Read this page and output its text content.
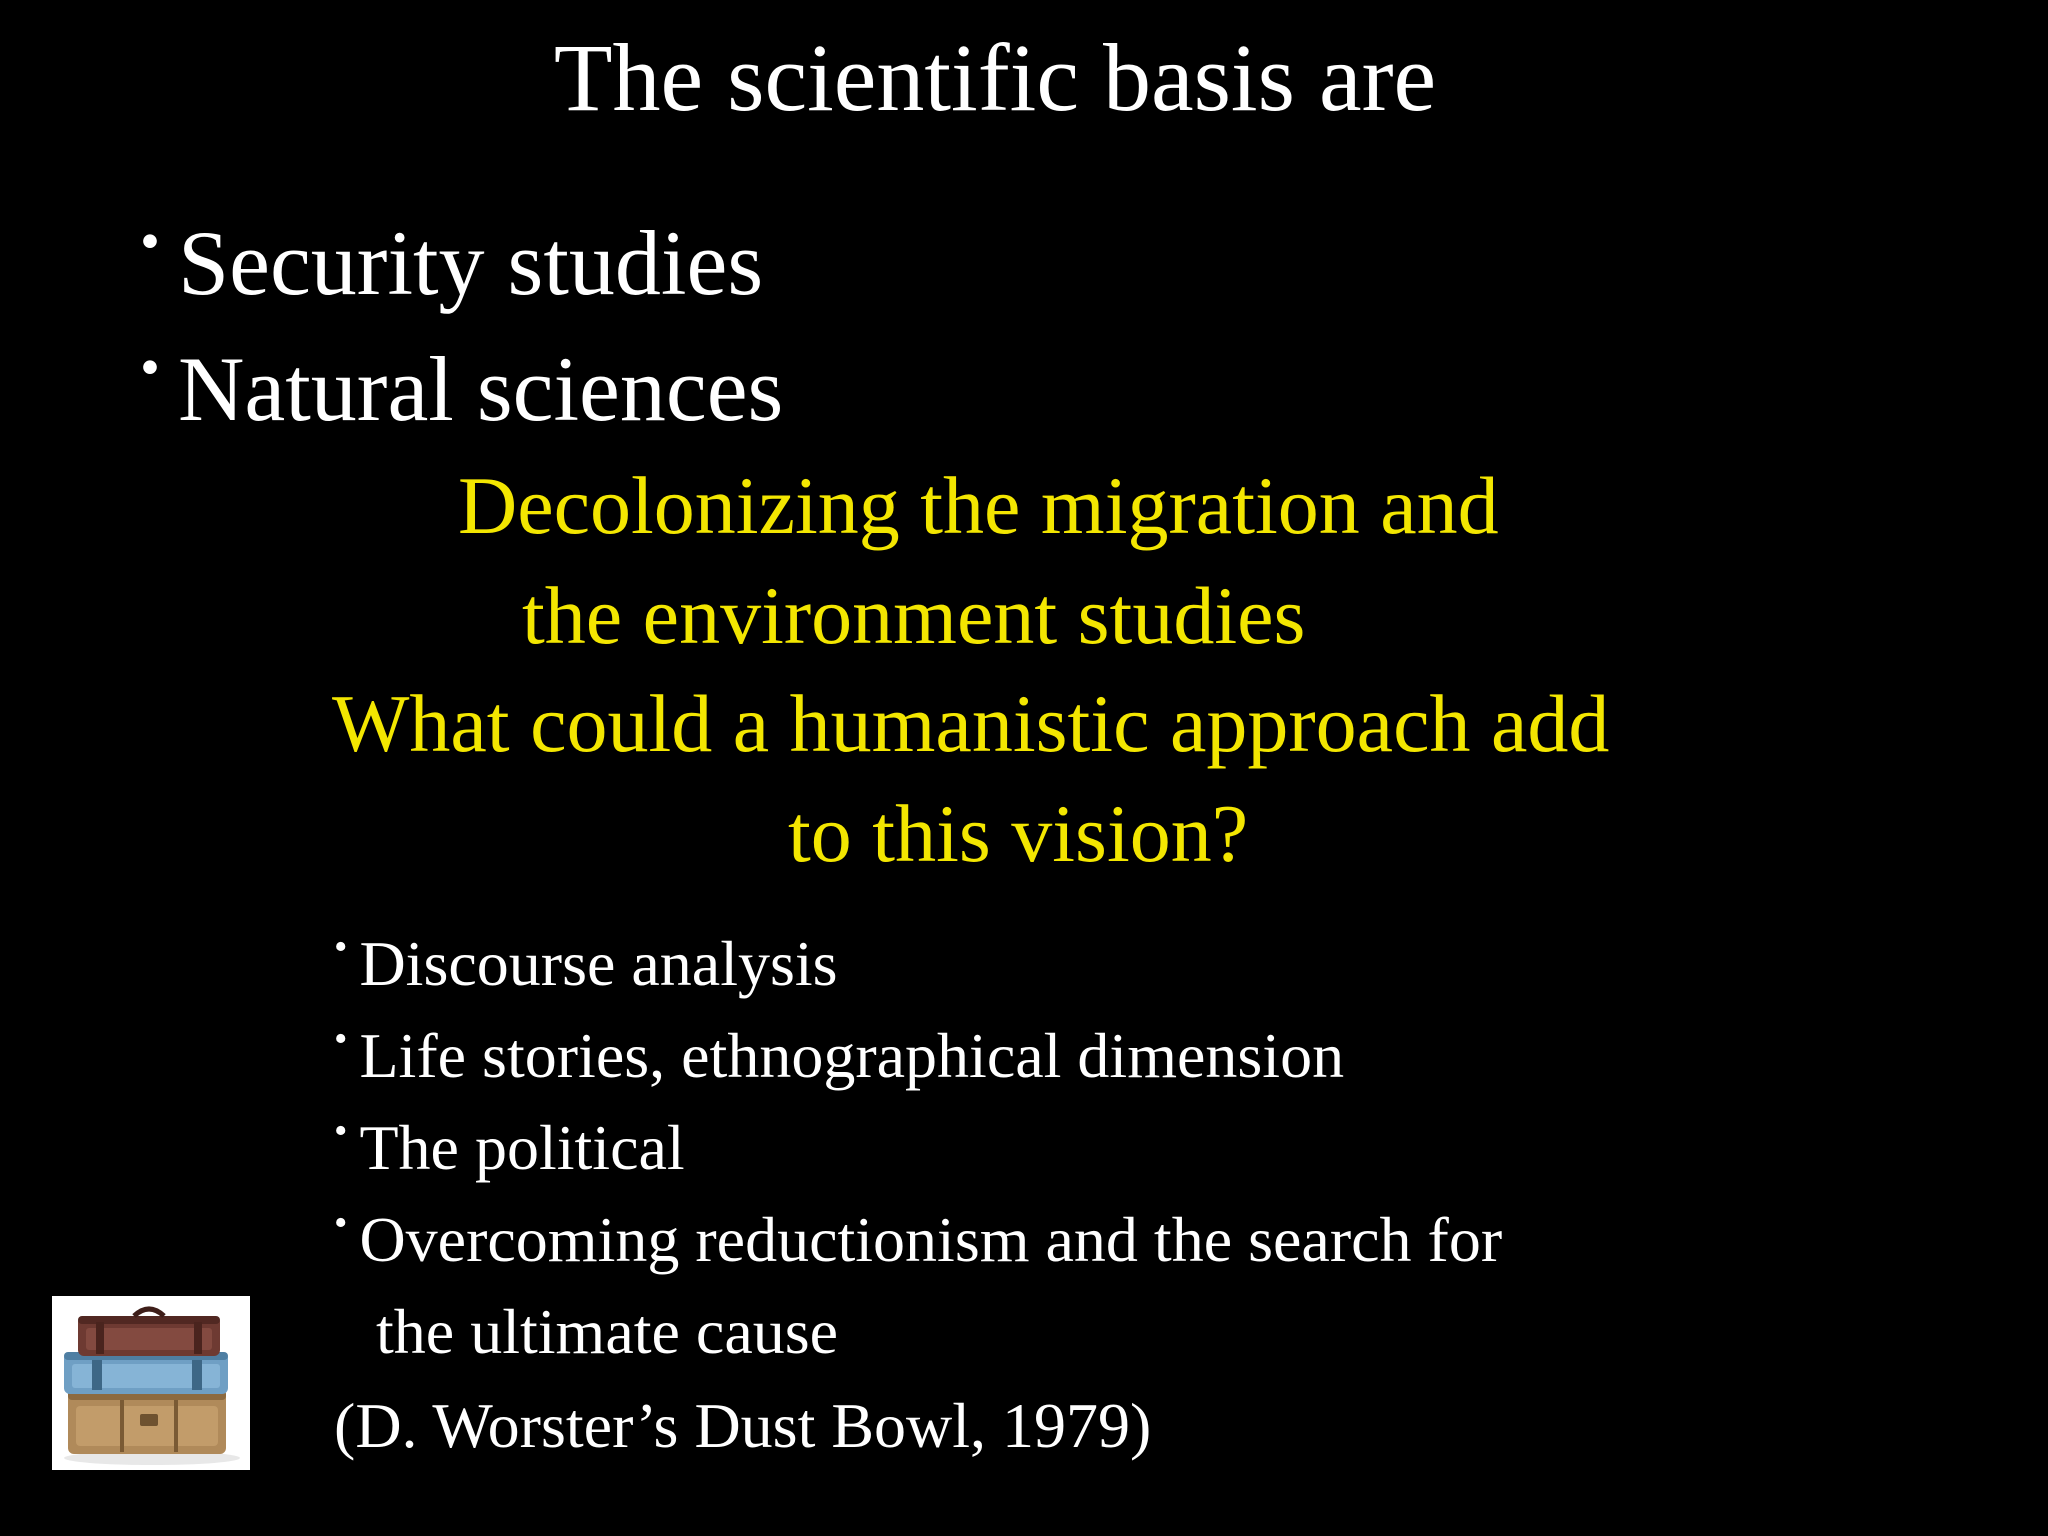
The scientific basis are
• Security studies
• Natural sciences
Decolonizing the migration and
the environment studies
What could a humanistic approach add
to this vision?
• Discourse analysis
• Life stories, ethnographical dimension
• The political
• Overcoming reductionism and the search for
the ultimate cause
(D. Worster’s Dust Bowl, 1979)
